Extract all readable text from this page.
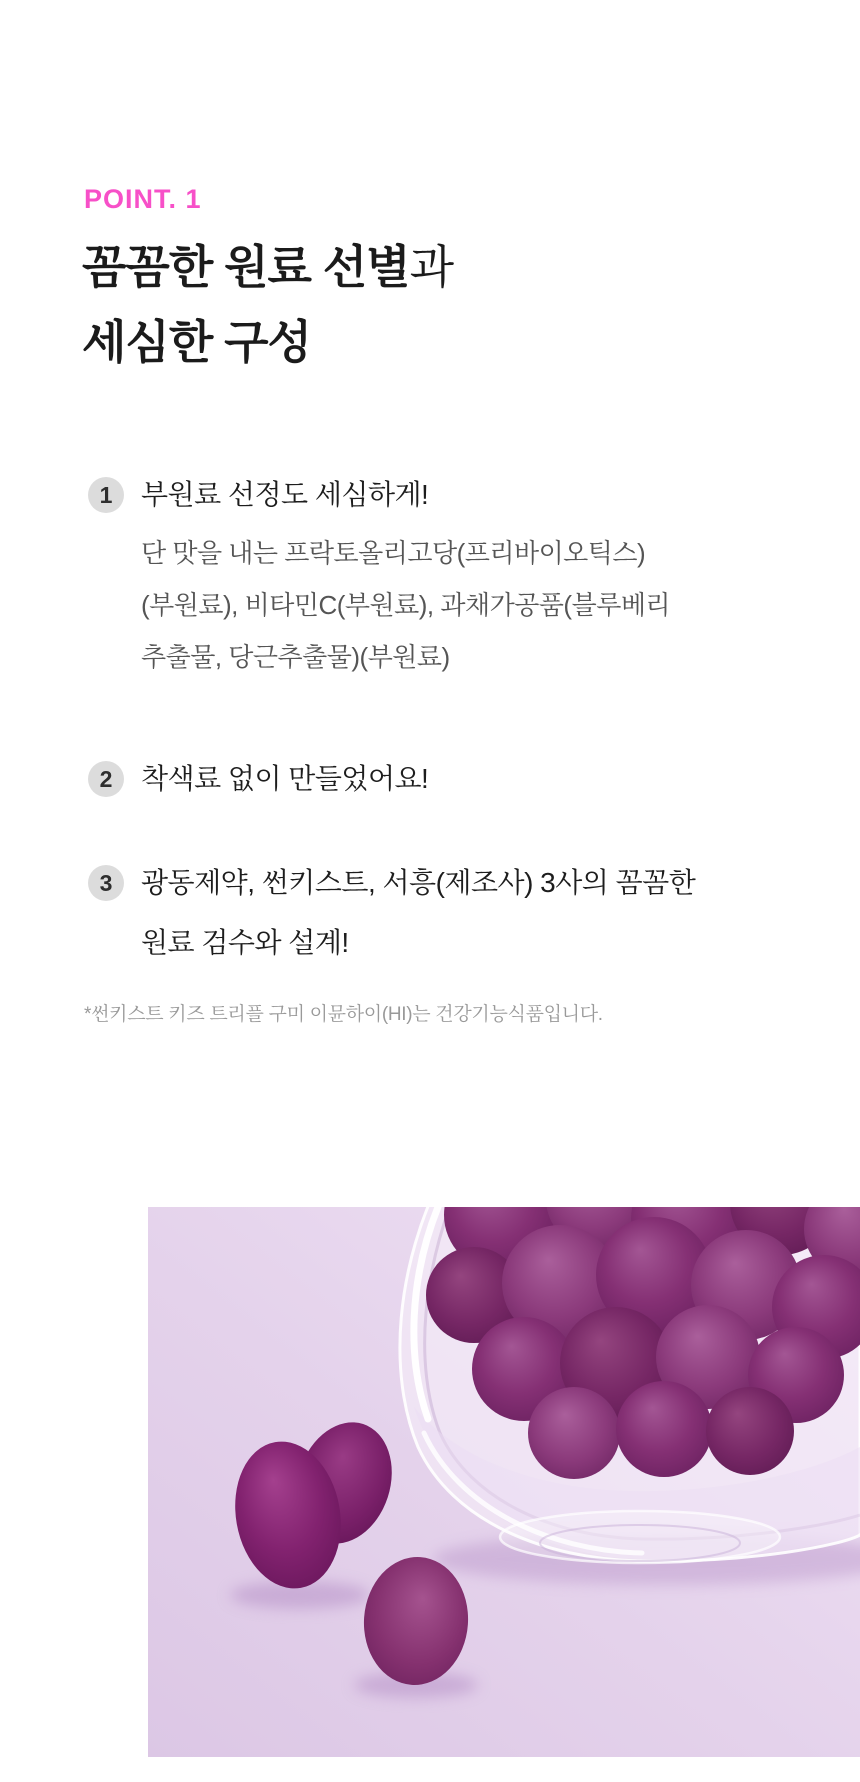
POINT. 1
꼼꼼한 원료 선별과
세심한 구성
1	부원료 선정도 세심하게!
단 맛을 내는 프락토올리고당(프리바이오틱스)
(부원료), 비타민C(부원료), 과채가공품(블루베리
추출물, 당근추출물)(부원료)
2	착색료 없이 만들었어요!
3	광동제약, 썬키스트, 서흥(제조사) 3사의 꼼꼼한
원료 검수와 설계!
*썬키스트 키즈 트리플 구미 이뮨하이(HI)는 건강기능식품입니다.
